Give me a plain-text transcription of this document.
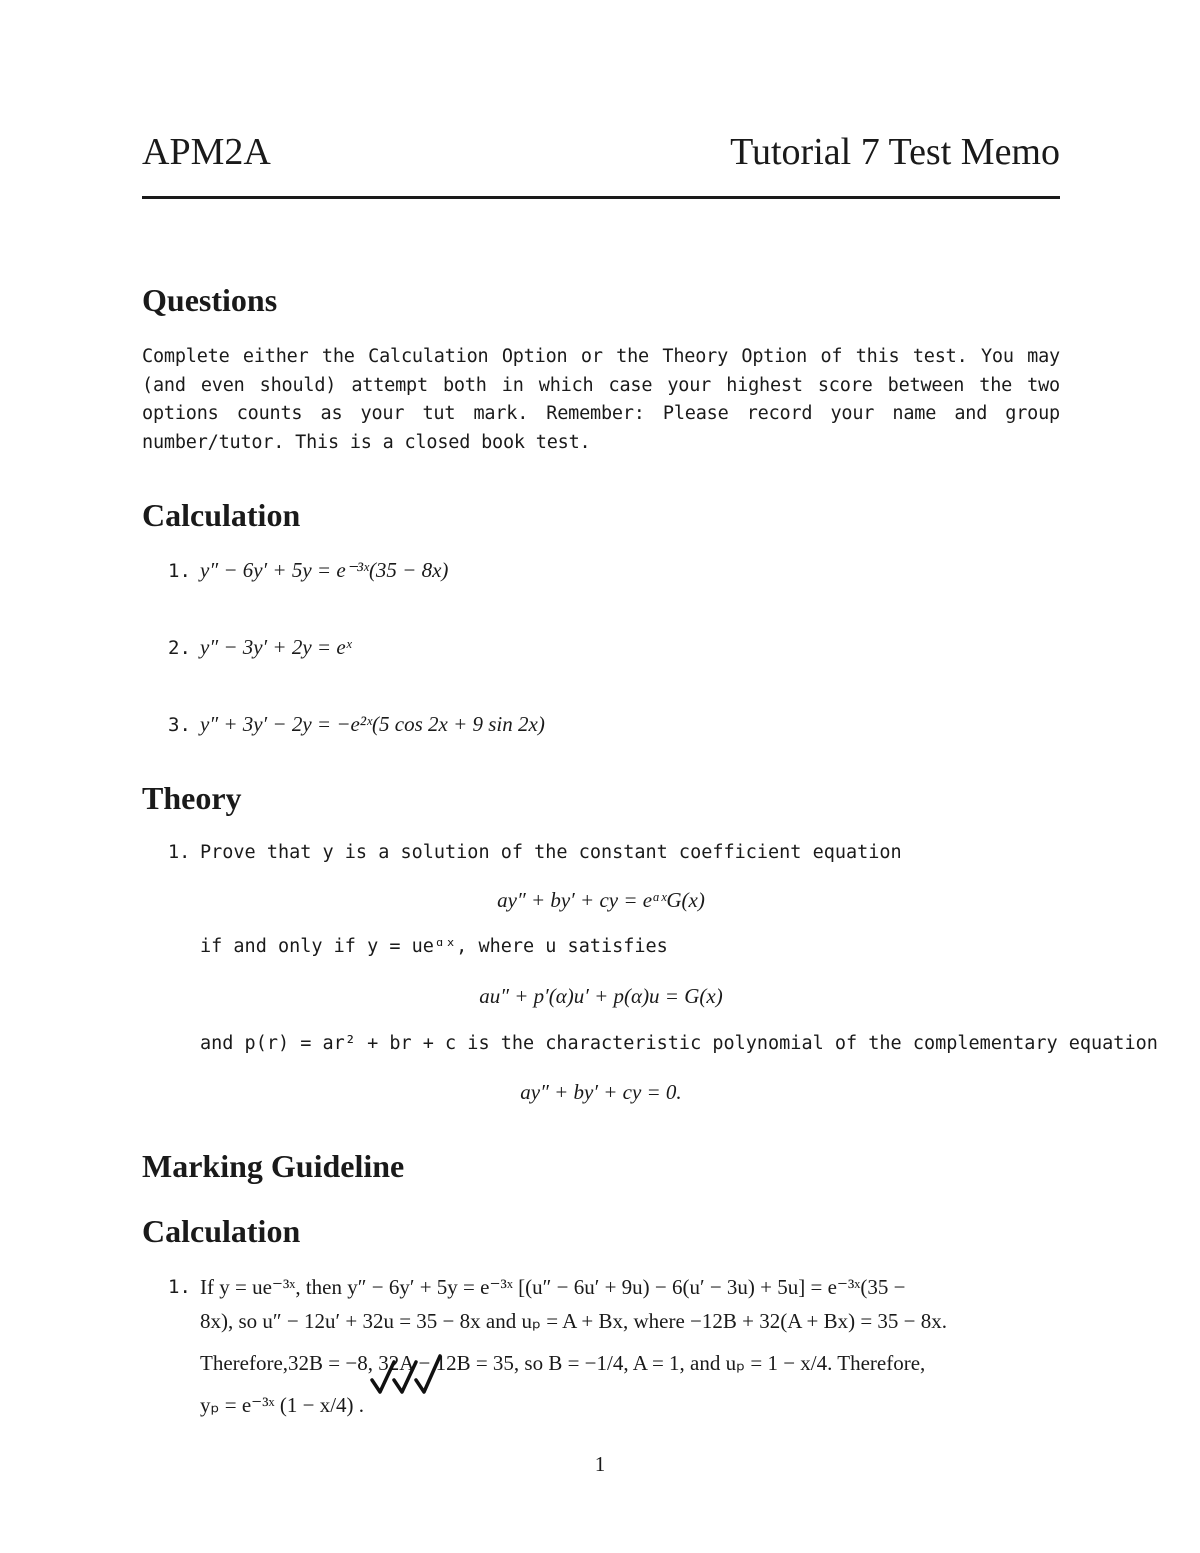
APM2A	Tutorial 7 Test Memo
Questions
Complete either the Calculation Option or the Theory Option of this test. You may (and even should) attempt both in which case your highest score between the two options counts as your tut mark. Remember: Please record your name and group number/tutor. This is a closed book test.
Calculation
1. y″ − 6y′ + 5y = e⁻³ˣ(35 − 8x)
2. y″ − 3y′ + 2y = eˣ
3. y″ + 3y′ − 2y = −e²ˣ(5 cos 2x + 9 sin 2x)
Theory
1. Prove that y is a solution of the constant coefficient equation
ay″ + by′ + cy = eᵅˣG(x)
if and only if y = ueᵅˣ, where u satisfies
au″ + p′(α)u′ + p(α)u = G(x)
and p(r) = ar² + br + c is the characteristic polynomial of the complementary equation
ay″ + by′ + cy = 0.
Marking Guideline
Calculation
1. If y = ue⁻³ˣ, then y″ − 6y′ + 5y = e⁻³ˣ [(u″ − 6u′ + 9u) − 6(u′ − 3u) + 5u] = e⁻³ˣ(35 −
8x), so u″ − 12u′ + 32u = 35 − 8x and uₚ = A + Bx, where −12B + 32(A + Bx) = 35 − 8x.
Therefore,32B = −8, 32A − 12B = 35, so B = −1/4, A = 1, and uₚ = 1 − x/4. Therefore,
yₚ = e⁻³ˣ (1 − x/4) .
1
